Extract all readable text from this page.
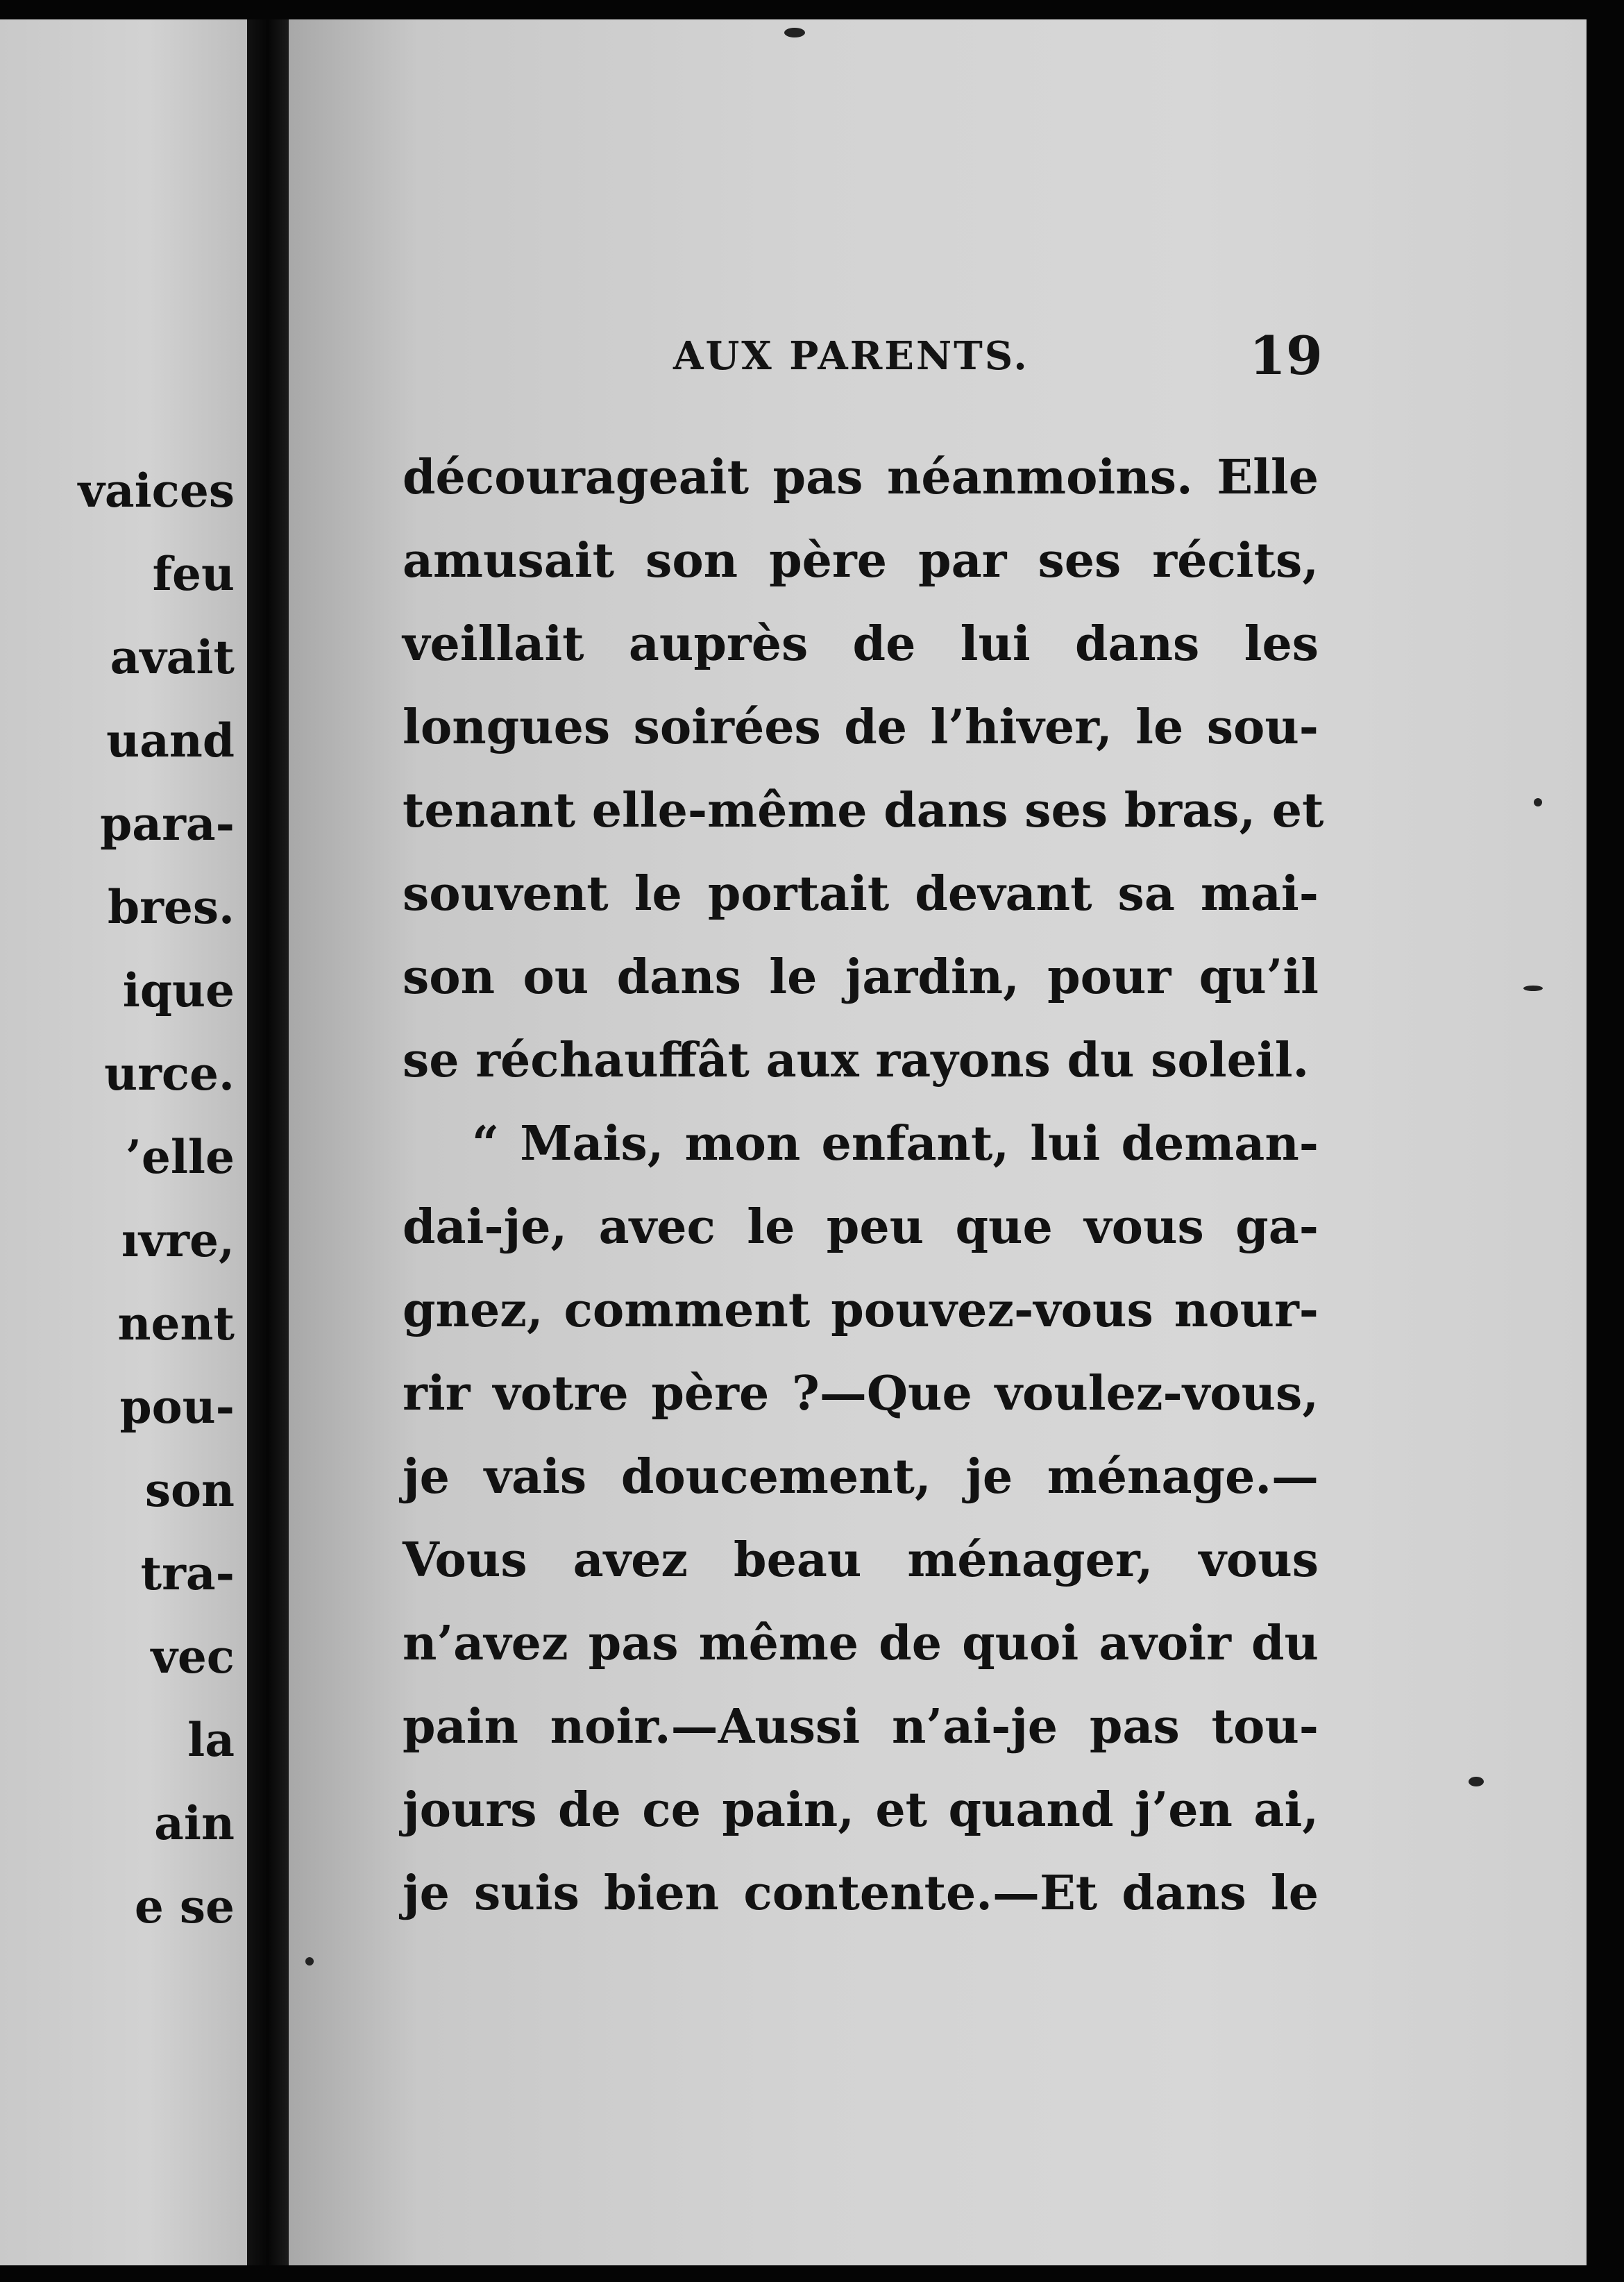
vaices
feu
avait
uand
para-
bres.
ique
urce.
’elle
ıvre,
nent
pou-
son
tra-
vec
la
ain
e se
AUX PARENTS.	19
décourageait pas néanmoins. Elle
amusait son père par ses récits,
veillait auprès de lui dans les
longues soirées de l’hiver, le sou-
tenant elle-même dans ses bras, et
souvent le portait devant sa mai-
son ou dans le jardin, pour qu’il
se réchauffât aux rayons du soleil.
“ Mais, mon enfant, lui deman-
dai-je, avec le peu que vous ga-
gnez, comment pouvez-vous nour-
rir votre père ?—Que voulez-vous,
je vais doucement, je ménage.—
Vous avez beau ménager, vous
n’avez pas même de quoi avoir du
pain noir.—Aussi n’ai-je pas tou-
jours de ce pain, et quand j’en ai,
je suis bien contente.—Et dans le
